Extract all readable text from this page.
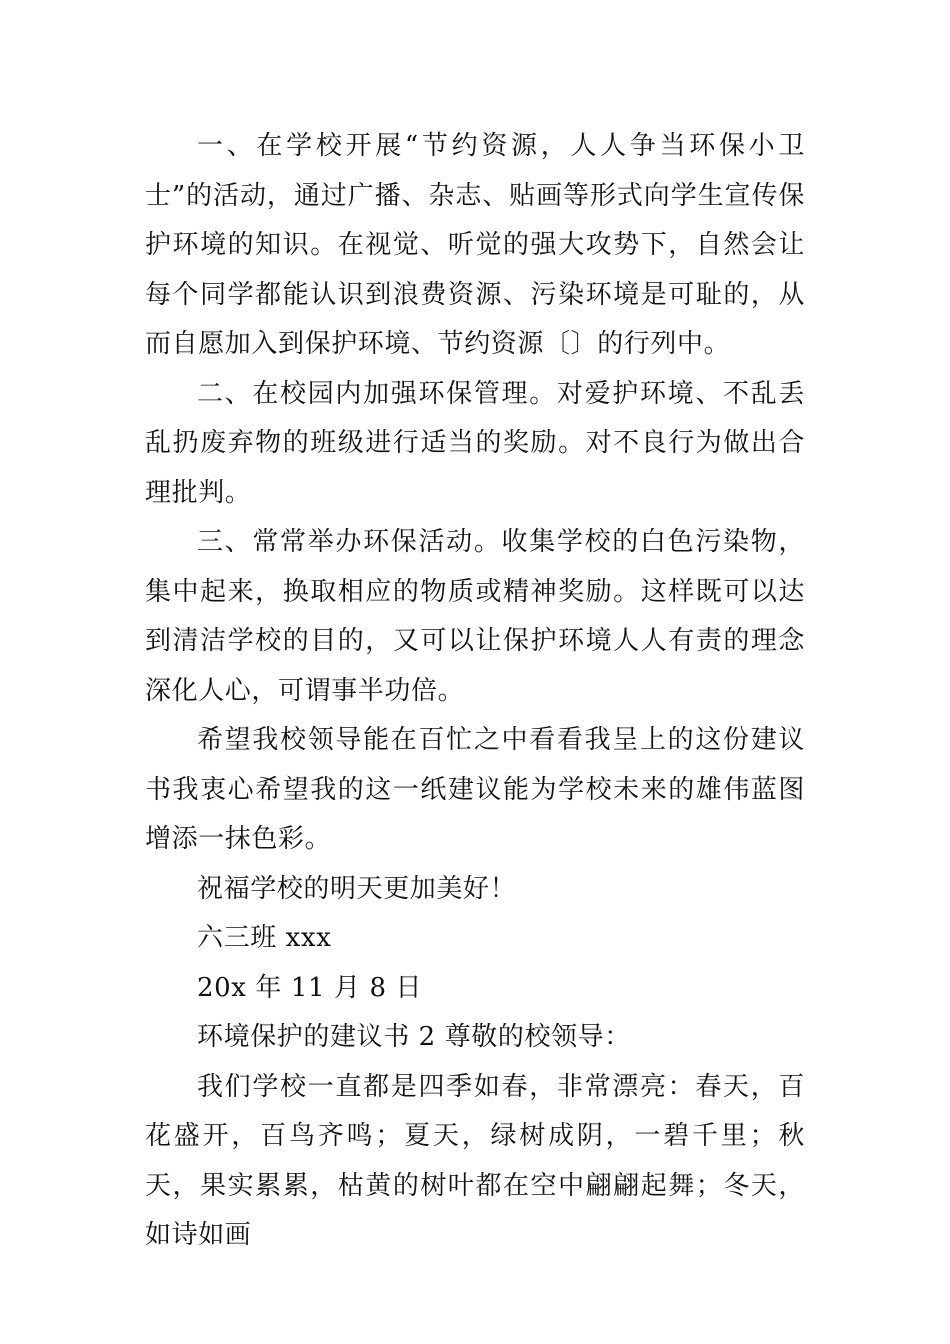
一、在学校开展“节约资源，人人争当环保小卫士”的活动，通过广播、杂志、贴画等形式向学生宣传保护环境的知识。在视觉、听觉的强大攻势下，自然会让每个同学都能认识到浪费资源、污染环境是可耻的，从而自愿加入到保护环境、节约资源〔〕的行列中。

二、在校园内加强环保管理。对爱护环境、不乱丢乱扔废弃物的班级进行适当的奖励。对不良行为做出合理批判。

三、常常举办环保活动。收集学校的白色污染物，集中起来，换取相应的物质或精神奖励。这样既可以达到清洁学校的目的，又可以让保护环境人人有责的理念深化人心，可谓事半功倍。

希望我校领导能在百忙之中看看我呈上的这份建议书我衷心希望我的这一纸建议能为学校未来的雄伟蓝图增添一抹色彩。

祝福学校的明天更加美好！

六三班 xxx

20x 年 11 月 8 日

环境保护的建议书 2 尊敬的校领导：

我们学校一直都是四季如春，非常漂亮：春天，百花盛开，百鸟齐鸣；夏天，绿树成阴，一碧千里；秋天，果实累累，枯黄的树叶都在空中翩翩起舞；冬天，如诗如画
